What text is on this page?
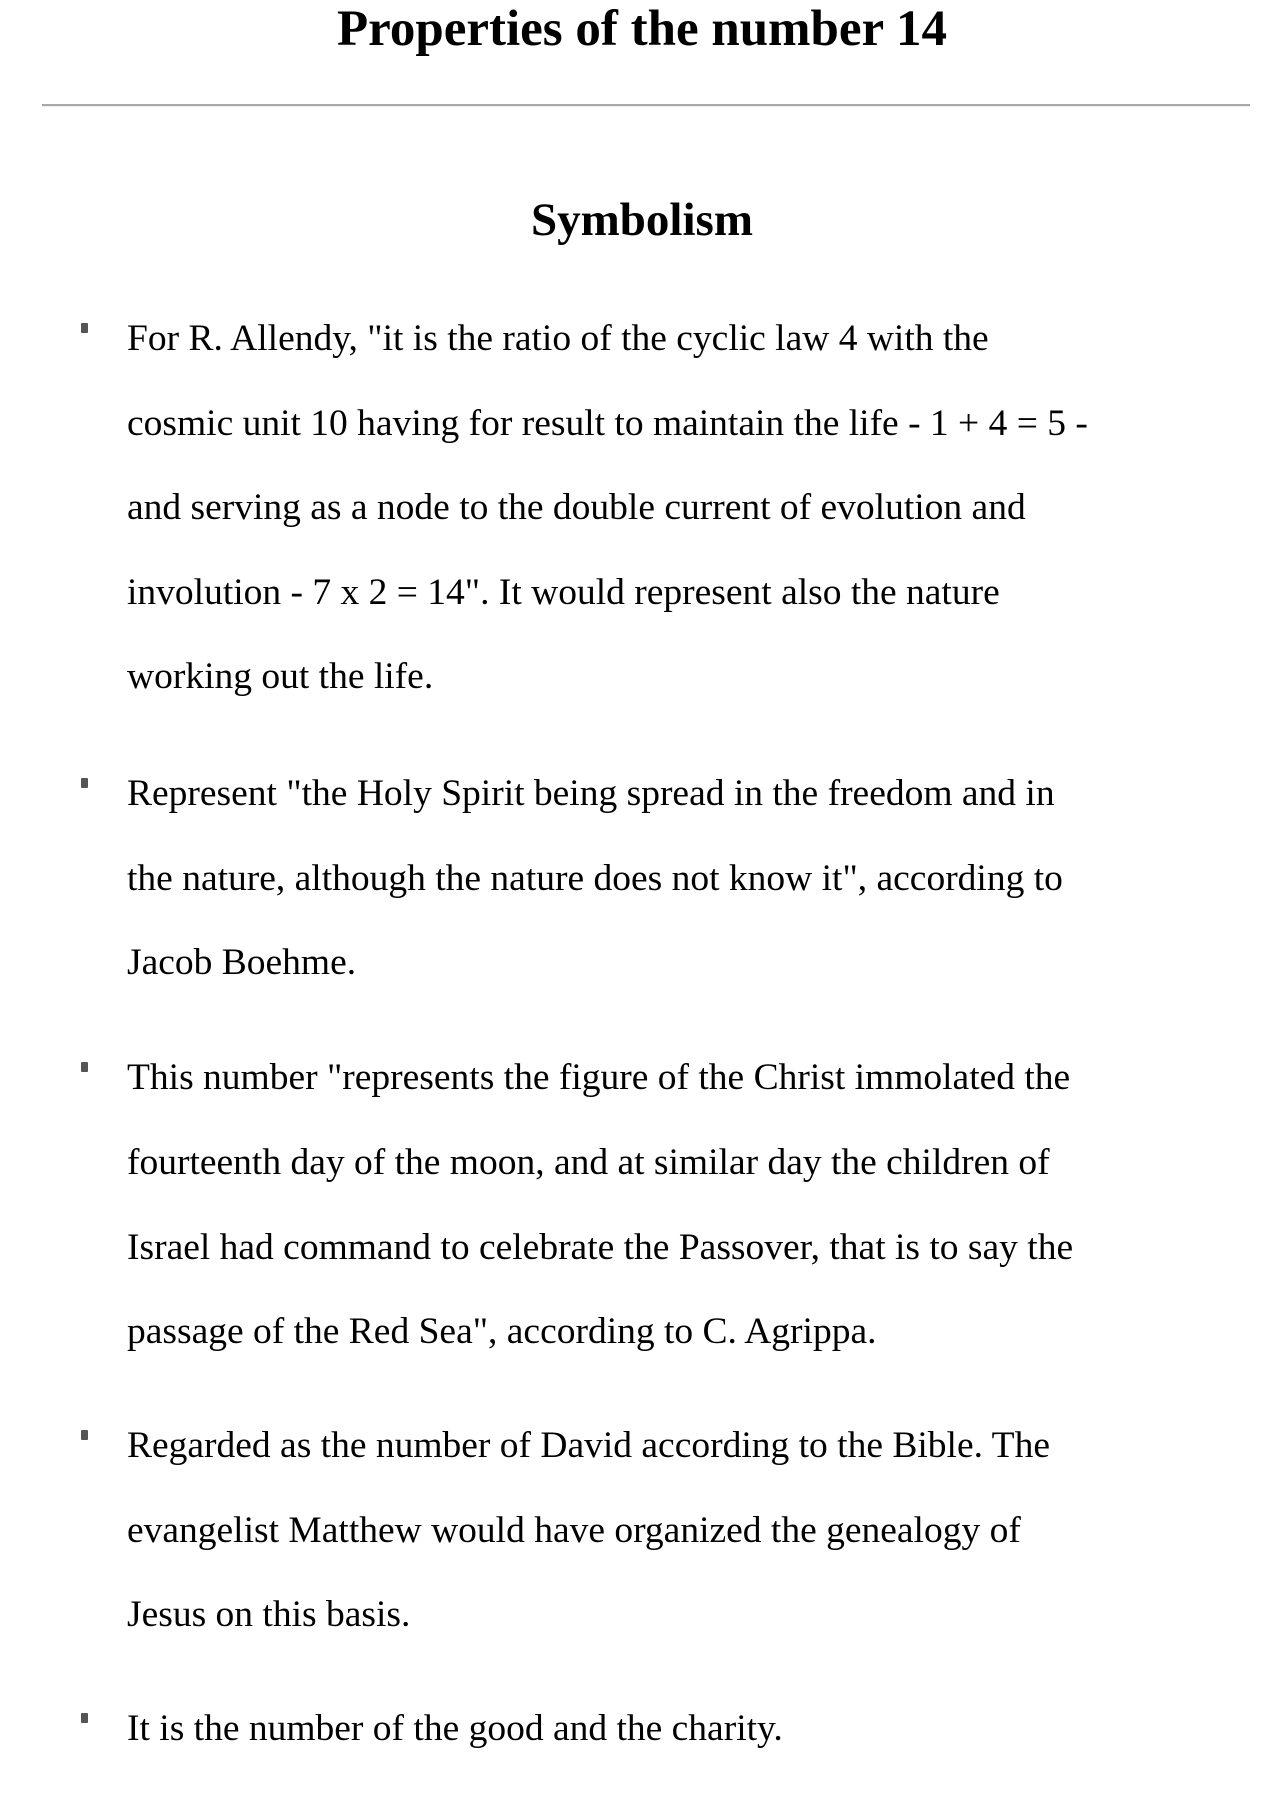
Properties of the number 14
Symbolism
For R. Allendy, "it is the ratio of the cyclic law 4 with the
cosmic unit 10 having for result to maintain the life - 1 + 4 = 5 -
and serving as a node to the double current of evolution and
involution - 7 x 2 = 14". It would represent also the nature
working out the life.
Represent "the Holy Spirit being spread in the freedom and in
the nature, although the nature does not know it", according to
Jacob Boehme.
This number "represents the figure of the Christ immolated the
fourteenth day of the moon, and at similar day the children of
Israel had command to celebrate the Passover, that is to say the
passage of the Red Sea", according to C. Agrippa.
Regarded as the number of David according to the Bible. The
evangelist Matthew would have organized the genealogy of
Jesus on this basis.
It is the number of the good and the charity.
